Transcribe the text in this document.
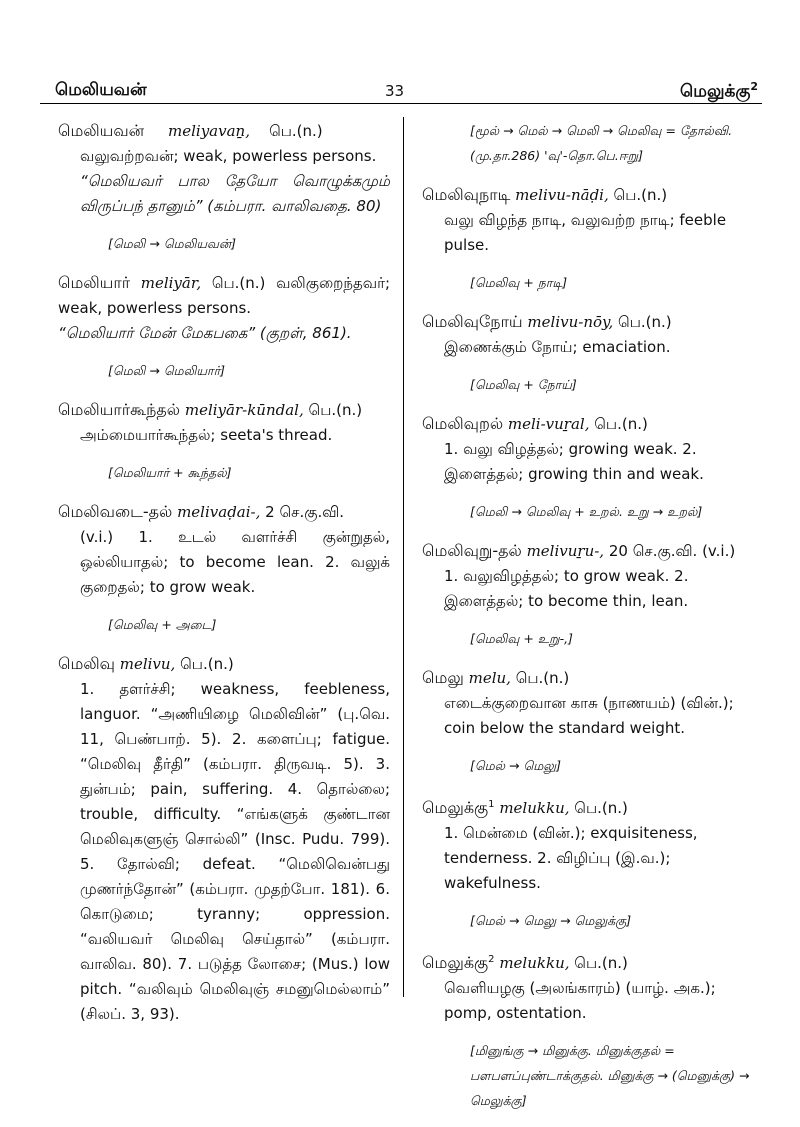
மெலியவன்	33	மெலுக்கு$^2$

மெலியவன் meliyavaṉ, பெ.(n.)

வலுவற்றவன்; weak, powerless persons.

“மெலியவர் பால தேயோ வொழுக்கமும் விருப்பந் தானும்” (கம்பரா. வாலிவதை. 80)

[மெலி → மெலியவன்]

மெலியார் meliyār, பெ.(n.) வலிகுறைந்தவர்; weak, powerless persons.

“மெலியார் மேன் மேகபகை” (குறள், 861).

[மெலி → மெலியார்]

மெலியார்கூந்தல் meliyār-kūndal, பெ.(n.)

அம்மையார்கூந்தல்; seeta's thread.

[மெலியார் + கூந்தல்]

மெலிவடை-தல் melivaḍai-, 2 செ.கு.வி.

(v.i.) 1. உடல் வளர்ச்சி குன்றுதல், ஒல்லியாதல்; to become lean. 2. வலுக் குறைதல்; to grow weak.

[மெலிவு + அடை]

மெலிவு melivu, பெ.(n.)

1. தளர்ச்சி; weakness, feebleness, languor. “அணியிழை மெலிவின்” (பு.வெ. 11, பெண்பாற். 5). 2. களைப்பு; fatigue. “மெலிவு தீர்தி” (கம்பரா. திருவடி. 5). 3. துன்பம்; pain, suffering. 4. தொல்லை; trouble, difficulty. “எங்களுக் குண்டான மெலிவுகளுஞ் சொல்லி” (Insc. Pudu. 799). 5. தோல்வி; defeat. “மெலிவென்பது முணர்ந்தோன்” (கம்பரா. முதற்போ. 181). 6. கொடுமை; tyranny; oppression. “வலியவர் மெலிவு செய்தால்” (கம்பரா. வாலிவ. 80). 7. படுத்த லோசை; (Mus.) low pitch. “வலிவும் மெலிவுஞ் சமனுமெல்லாம்” (சிலப். 3, 93).

[மூல் → மெல் → மெலி → மெலிவு = தோல்வி. (மு.தா.286) 'வு'-தொ.பெ.ஈறு]

மெலிவுநாடி melivu-nāḍi, பெ.(n.)

வலு விழந்த நாடி, வலுவற்ற நாடி; feeble pulse.

[மெலிவு + நாடி]

மெலிவுநோய் melivu-nōy, பெ.(n.)

இணைக்கும் நோய்; emaciation.

[மெலிவு + நோய்]

மெலிவுறல் meli-vuṟal, பெ.(n.)

1. வலு விழத்தல்; growing weak. 2. இளைத்தல்; growing thin and weak.

[மெலி → மெலிவு + உறல். உறு → உறல்]

மெலிவுறு-தல் melivuṟu-, 20 செ.கு.வி. (v.i.)

1. வலுவிழத்தல்; to grow weak. 2. இளைத்தல்; to become thin, lean.

[மெலிவு + உறு-,]

மெலு melu, பெ.(n.)

எடைக்குறைவான காசு (நாணயம்) (வின்.); coin below the standard weight.

[மெல் → மெலு]

மெலுக்கு$^1$ melukku, பெ.(n.)

1. மென்மை (வின்.); exquisiteness, tenderness. 2. விழிப்பு (இ.வ.); wakefulness.

[மெல் → மெலு → மெலுக்கு]

மெலுக்கு$^2$ melukku, பெ.(n.)

வெளியழகு (அலங்காரம்) (யாழ். அக.); pomp, ostentation.

[மினுங்கு → மினுக்கு. மினுக்குதல் = பளபளப்புண்டாக்குதல். மினுக்கு → (மெனுக்கு) → மெலுக்கு]
